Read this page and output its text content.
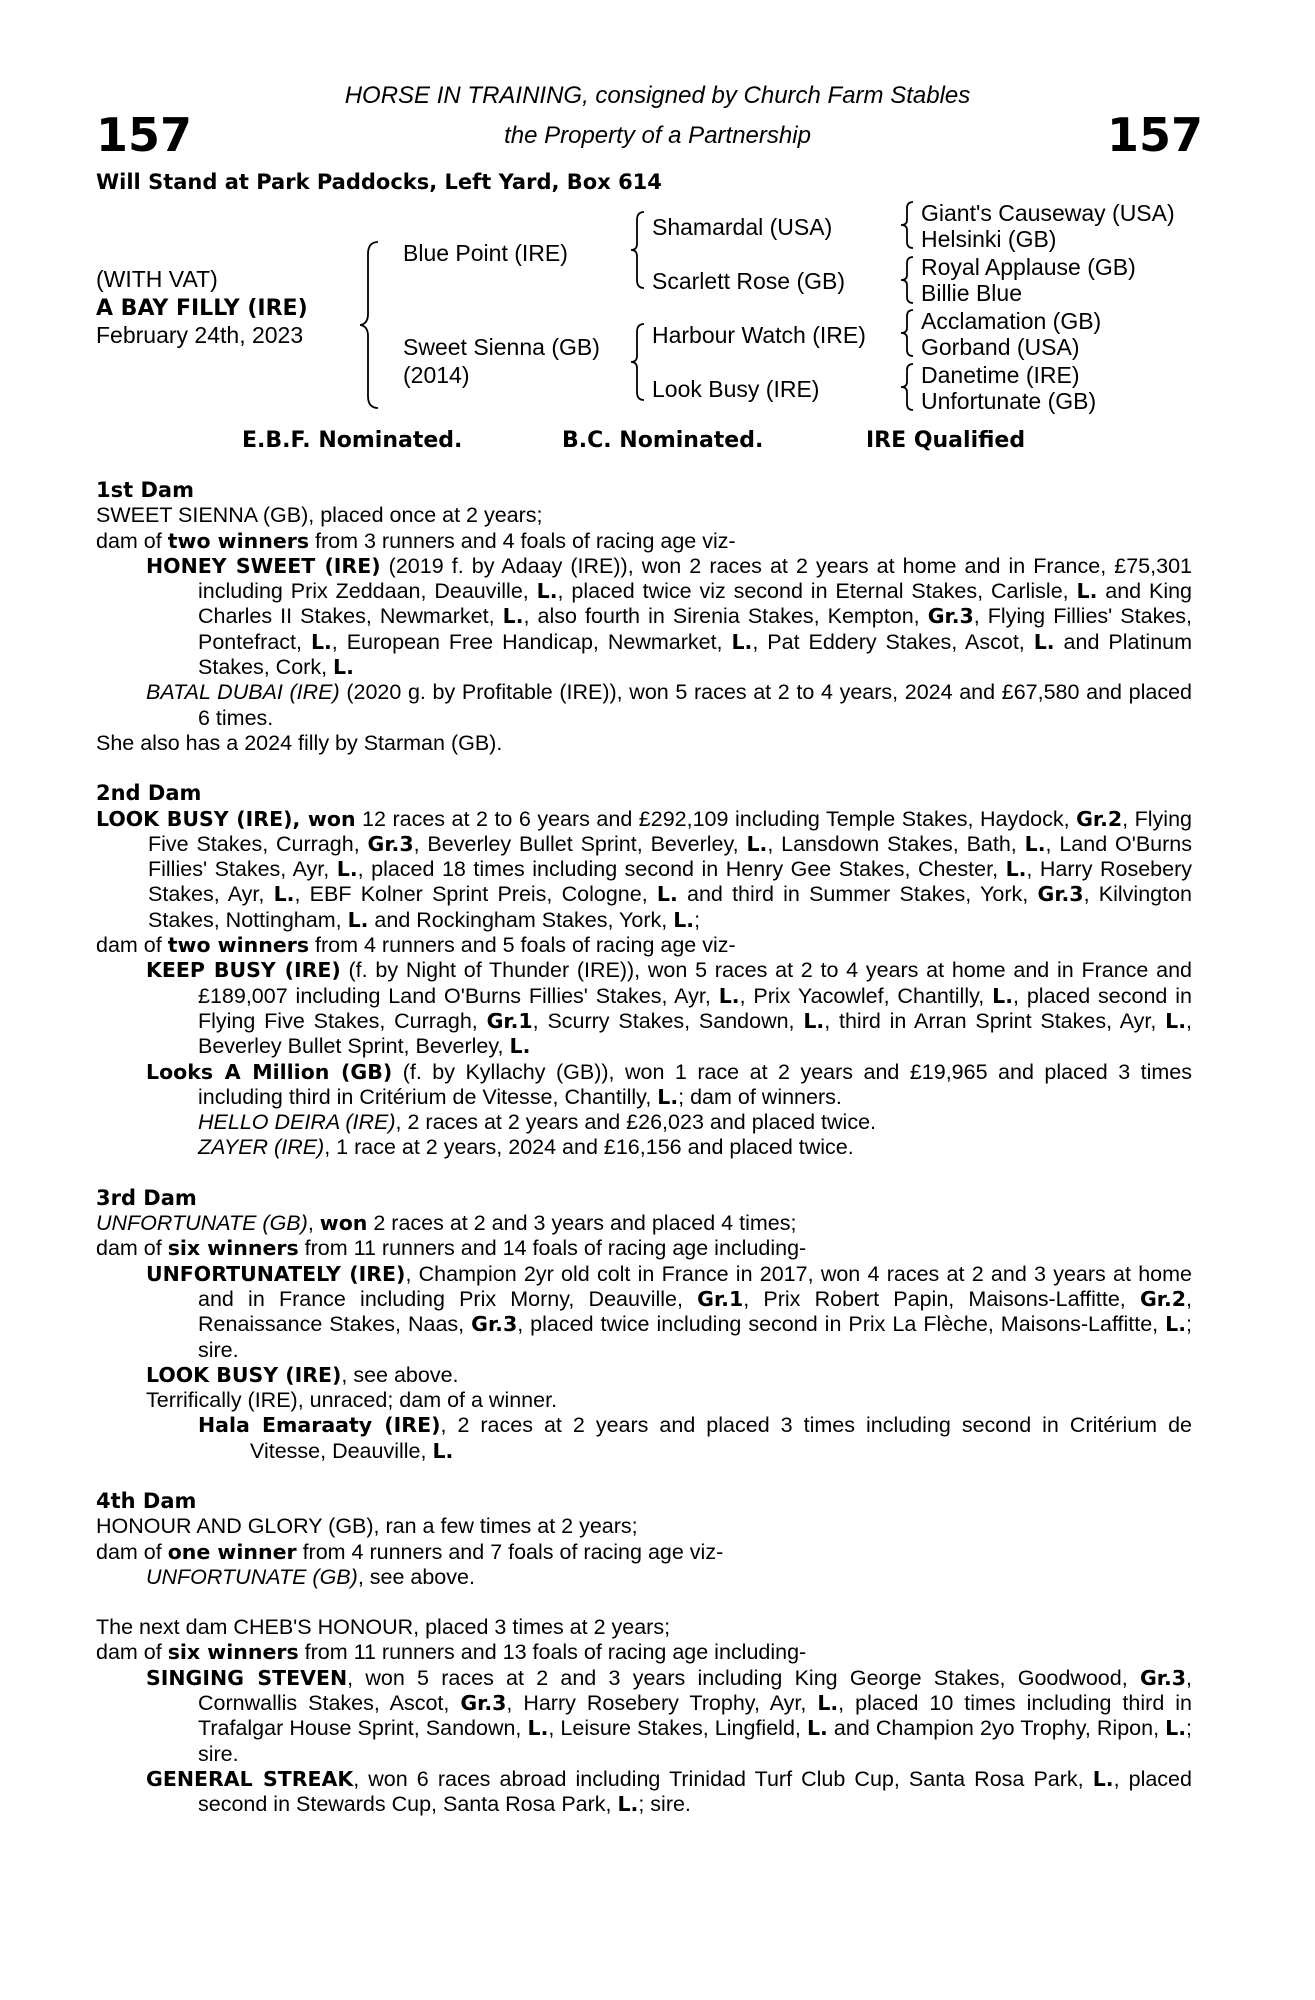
157	157
HORSE IN TRAINING, consigned by Church Farm Stables
the Property of a Partnership
Will Stand at Park Paddocks, Left Yard, Box 614
(WITH VAT)
A BAY FILLY (IRE)
February 24th, 2023
Blue Point (IRE)
Sweet Sienna (GB)
(2014)
Shamardal (USA)
Scarlett Rose (GB)
Harbour Watch (IRE)
Look Busy (IRE)
Giant's Causeway (USA)
Helsinki (GB)
Royal Applause (GB)
Billie Blue
Acclamation (GB)
Gorband (USA)
Danetime (IRE)
Unfortunate (GB)
E.B.F. Nominated.	B.C. Nominated.	IRE Qualified

1st Dam

SWEET SIENNA (GB), placed once at 2 years;

dam of two winners from 3 runners and 4 foals of racing age viz-

HONEY SWEET (IRE) (2019 f. by Adaay (IRE)), won 2 races at 2 years at home and in France, £75,301 including Prix Zeddaan, Deauville, L., placed twice viz second in Eternal Stakes, Carlisle, L. and King Charles II Stakes, Newmarket, L., also fourth in Sirenia Stakes, Kempton, Gr.3, Flying Fillies' Stakes, Pontefract, L., European Free Handicap, Newmarket, L., Pat Eddery Stakes, Ascot, L. and Platinum Stakes, Cork, L.

BATAL DUBAI (IRE) (2020 g. by Profitable (IRE)), won 5 races at 2 to 4 years, 2024 and £67,580 and placed 6 times.

She also has a 2024 filly by Starman (GB).

2nd Dam

LOOK BUSY (IRE), won 12 races at 2 to 6 years and £292,109 including Temple Stakes, Haydock, Gr.2, Flying Five Stakes, Curragh, Gr.3, Beverley Bullet Sprint, Beverley, L., Lansdown Stakes, Bath, L., Land O'Burns Fillies' Stakes, Ayr, L., placed 18 times including second in Henry Gee Stakes, Chester, L., Harry Rosebery Stakes, Ayr, L., EBF Kolner Sprint Preis, Cologne, L. and third in Summer Stakes, York, Gr.3, Kilvington Stakes, Nottingham, L. and Rockingham Stakes, York, L.;

dam of two winners from 4 runners and 5 foals of racing age viz-

KEEP BUSY (IRE) (f. by Night of Thunder (IRE)), won 5 races at 2 to 4 years at home and in France and £189,007 including Land O'Burns Fillies' Stakes, Ayr, L., Prix Yacowlef, Chantilly, L., placed second in Flying Five Stakes, Curragh, Gr.1, Scurry Stakes, Sandown, L., third in Arran Sprint Stakes, Ayr, L., Beverley Bullet Sprint, Beverley, L.

Looks A Million (GB) (f. by Kyllachy (GB)), won 1 race at 2 years and £19,965 and placed 3 times including third in Critérium de Vitesse, Chantilly, L.; dam of winners.

HELLO DEIRA (IRE), 2 races at 2 years and £26,023 and placed twice.

ZAYER (IRE), 1 race at 2 years, 2024 and £16,156 and placed twice.

3rd Dam

UNFORTUNATE (GB), won 2 races at 2 and 3 years and placed 4 times;

dam of six winners from 11 runners and 14 foals of racing age including-

UNFORTUNATELY (IRE), Champion 2yr old colt in France in 2017, won 4 races at 2 and 3 years at home and in France including Prix Morny, Deauville, Gr.1, Prix Robert Papin, Maisons-Laffitte, Gr.2, Renaissance Stakes, Naas, Gr.3, placed twice including second in Prix La Flèche, Maisons-Laffitte, L.; sire.

LOOK BUSY (IRE), see above.

Terrifically (IRE), unraced; dam of a winner.

Hala Emaraaty (IRE), 2 races at 2 years and placed 3 times including second in Critérium de Vitesse, Deauville, L.

4th Dam

HONOUR AND GLORY (GB), ran a few times at 2 years;

dam of one winner from 4 runners and 7 foals of racing age viz-

UNFORTUNATE (GB), see above.

The next dam CHEB'S HONOUR, placed 3 times at 2 years;

dam of six winners from 11 runners and 13 foals of racing age including-

SINGING STEVEN, won 5 races at 2 and 3 years including King George Stakes, Goodwood, Gr.3, Cornwallis Stakes, Ascot, Gr.3, Harry Rosebery Trophy, Ayr, L., placed 10 times including third in Trafalgar House Sprint, Sandown, L., Leisure Stakes, Lingfield, L. and Champion 2yo Trophy, Ripon, L.; sire.

GENERAL STREAK, won 6 races abroad including Trinidad Turf Club Cup, Santa Rosa Park, L., placed second in Stewards Cup, Santa Rosa Park, L.; sire.
